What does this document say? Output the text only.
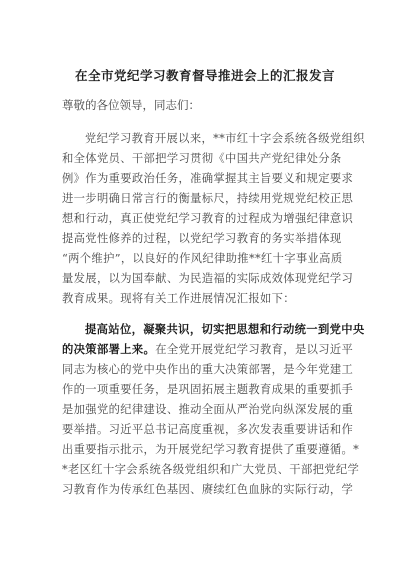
在全市党纪学习教育督导推进会上的汇报发言
尊敬的各位领导，同志们：
党纪学习教育开展以来，**市红十字会系统各级党组织
和全体党员、干部把学习贯彻《中国共产党纪律处分条
例》作为重要政治任务，准确掌握其主旨要义和规定要求
进一步明确日常言行的衡量标尺，持续用党规党纪校正思
想和行动，真正使党纪学习教育的过程成为增强纪律意识
提高党性修养的过程，以党纪学习教育的务实举措体现
“两个维护”，以良好的作风纪律助推**红十字事业高质
量发展，以为国奉献、为民造福的实际成效体现党纪学习
教育成果。现将有关工作进展情况汇报如下：
提高站位，凝聚共识，切实把思想和行动统一到党中央
的决策部署上来。在全党开展党纪学习教育，是以习近平
同志为核心的党中央作出的重大决策部署，是今年党建工
作的一项重要任务，是巩固拓展主题教育成果的重要抓手
是加强党的纪律建设、推动全面从严治党向纵深发展的重
要举措。习近平总书记高度重视，多次发表重要讲话和作
出重要指示批示，为开展党纪学习教育提供了重要遵循。*
*老区红十字会系统各级党组织和广大党员、干部把党纪学
习教育作为传承红色基因、赓续红色血脉的实际行动，学
